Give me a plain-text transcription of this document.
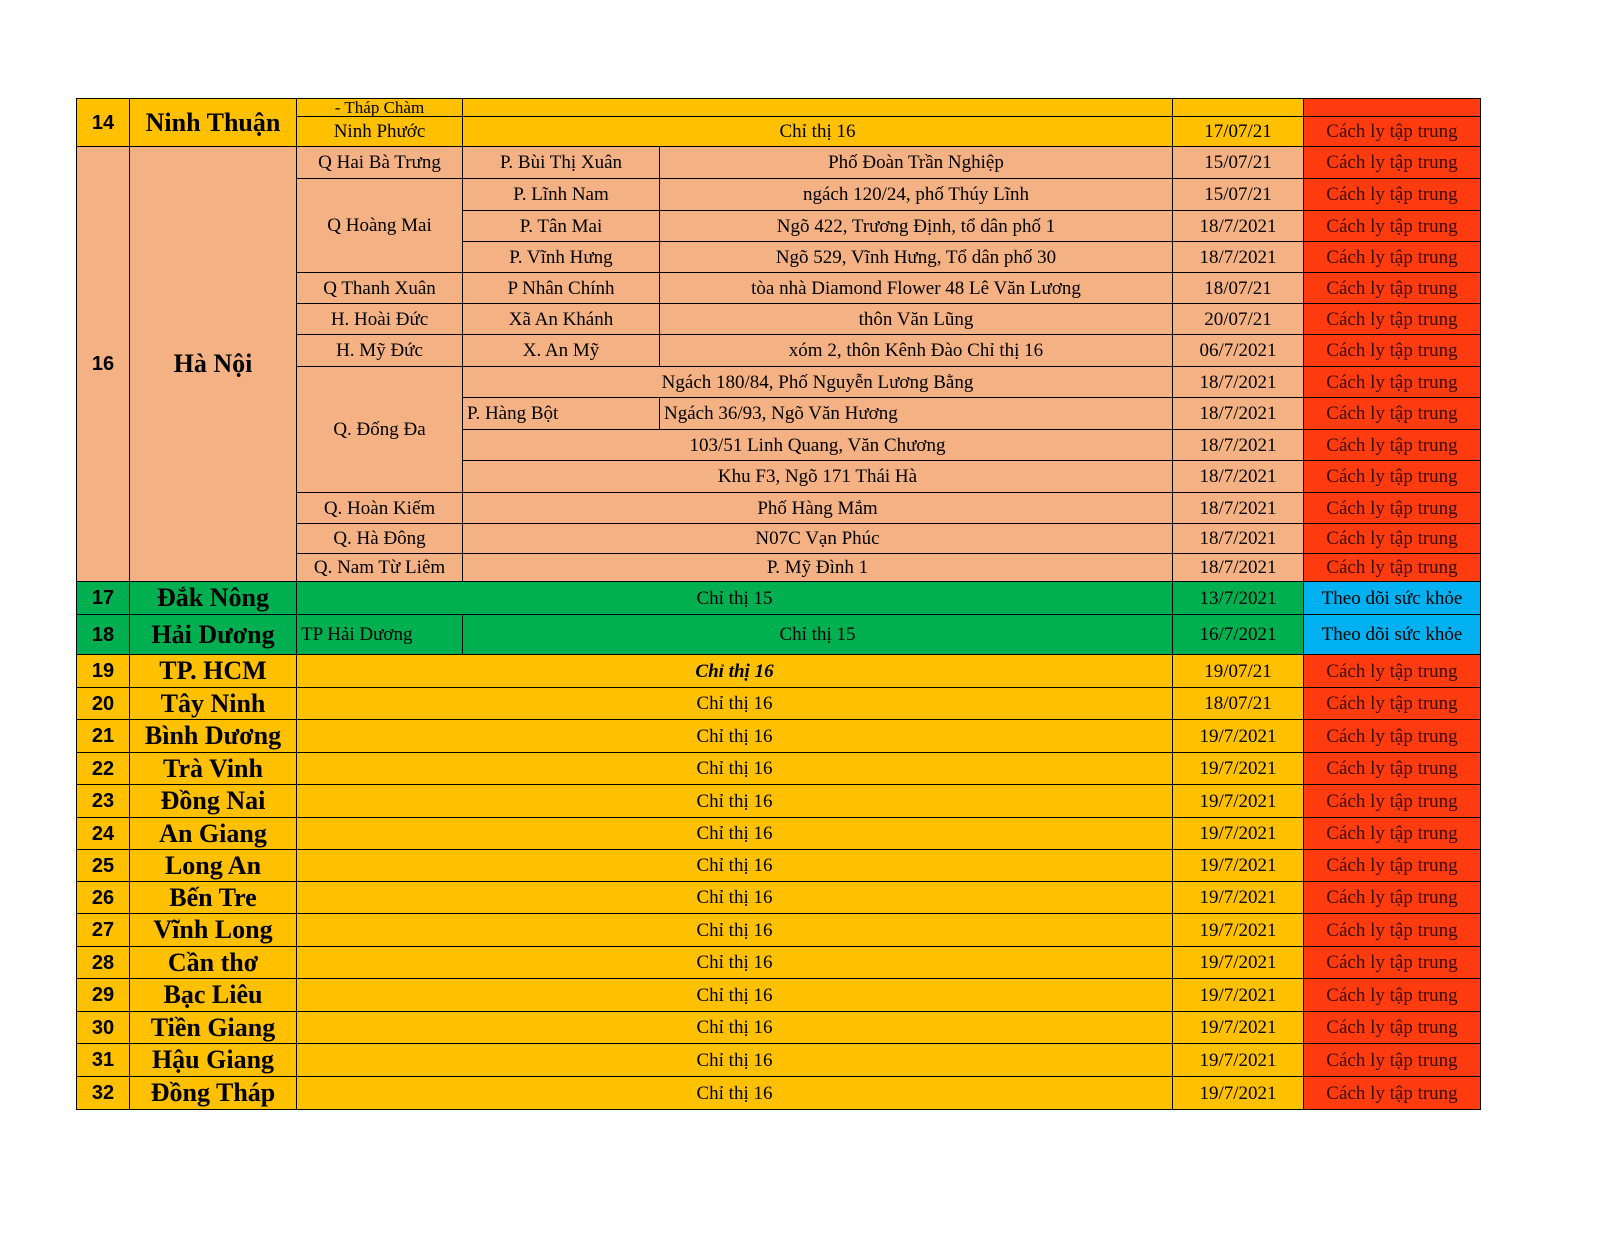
14	Ninh Thuận	- Tháp Chàm
Ninh Phước	Chỉ thị 16	17/07/21	Cách ly tập trung
16	Hà Nội
Q Hai Bà Trưng	P. Bùi Thị Xuân	Phố Đoàn Trần Nghiệp	15/07/21	Cách ly tập trung
Q Hoàng Mai
P. Lĩnh Nam	ngách 120/24, phố Thúy Lĩnh	15/07/21	Cách ly tập trung
P. Tân Mai	Ngõ 422, Trương Định, tổ dân phố 1	18/7/2021	Cách ly tập trung
P. Vĩnh Hưng	Ngõ 529, Vĩnh Hưng, Tổ dân phố 30	18/7/2021	Cách ly tập trung
Q Thanh Xuân	P Nhân Chính	tòa nhà Diamond Flower 48 Lê Văn Lương	18/07/21	Cách ly tập trung
H. Hoài Đức	Xã An Khánh	thôn Văn Lũng	20/07/21	Cách ly tập trung
H. Mỹ Đức	X. An Mỹ	xóm 2, thôn Kênh Đào Chỉ thị 16	06/7/2021	Cách ly tập trung
Q. Đống Đa
Ngách 180/84, Phố Nguyễn Lương Bằng	18/7/2021	Cách ly tập trung
P. Hàng Bột	Ngách 36/93, Ngõ Văn Hương	18/7/2021	Cách ly tập trung
103/51 Linh Quang, Văn Chương	18/7/2021	Cách ly tập trung
Khu F3, Ngõ 171 Thái Hà	18/7/2021	Cách ly tập trung
Q. Hoàn Kiếm	Phố Hàng Mắm	18/7/2021	Cách ly tập trung
Q. Hà Đông	N07C Vạn Phúc	18/7/2021	Cách ly tập trung
Q. Nam Từ Liêm	P. Mỹ Đình 1	18/7/2021	Cách ly tập trung
17	Đắk Nông	Chỉ thị 15	13/7/2021	Theo dõi sức khỏe
18	Hải Dương	TP Hải Dương	Chỉ thị 15	16/7/2021	Theo dõi sức khỏe
19	TP. HCM	Chỉ thị 16	19/07/21	Cách ly tập trung
20	Tây Ninh	Chỉ thị 16	18/07/21	Cách ly tập trung
21	Bình Dương	Chỉ thị 16	19/7/2021	Cách ly tập trung
22	Trà Vinh	Chỉ thị 16	19/7/2021	Cách ly tập trung
23	Đồng Nai	Chỉ thị 16	19/7/2021	Cách ly tập trung
24	An Giang	Chỉ thị 16	19/7/2021	Cách ly tập trung
25	Long An	Chỉ thị 16	19/7/2021	Cách ly tập trung
26	Bến Tre	Chỉ thị 16	19/7/2021	Cách ly tập trung
27	Vĩnh Long	Chỉ thị 16	19/7/2021	Cách ly tập trung
28	Cần thơ	Chỉ thị 16	19/7/2021	Cách ly tập trung
29	Bạc Liêu	Chỉ thị 16	19/7/2021	Cách ly tập trung
30	Tiền Giang	Chỉ thị 16	19/7/2021	Cách ly tập trung
31	Hậu Giang	Chỉ thị 16	19/7/2021	Cách ly tập trung
32	Đồng Tháp	Chỉ thị 16	19/7/2021	Cách ly tập trung
